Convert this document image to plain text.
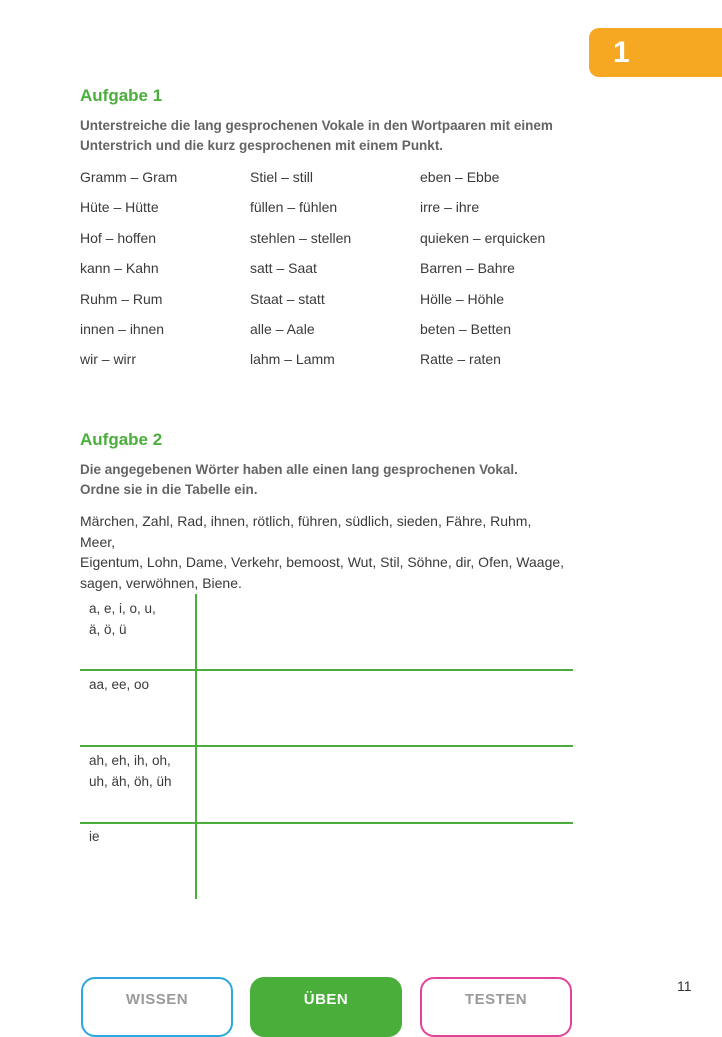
1
Aufgabe 1
Unterstreiche die lang gesprochenen Vokale in den Wortpaaren mit einem
Unterstrich und die kurz gesprochenen mit einem Punkt.
Gramm – Gram	Stiel – still	eben – Ebbe
Hüte – Hütte	füllen – fühlen	irre – ihre
Hof – hoffen	stehlen – stellen	quieken – erquicken
kann – Kahn	satt – Saat	Barren – Bahre
Ruhm – Rum	Staat – statt	Hölle – Höhle
innen – ihnen	alle – Aale	beten – Betten
wir – wirr	lahm – Lamm	Ratte – raten
Aufgabe 2
Die angegebenen Wörter haben alle einen lang gesprochenen Vokal.
Ordne sie in die Tabelle ein.
Märchen, Zahl, Rad, ihnen, rötlich, führen, südlich, sieden, Fähre, Ruhm, Meer,
Eigentum, Lohn, Dame, Verkehr, bemoost, Wut, Stil, Söhne, dir, Ofen, Waage,
sagen, verwöhnen, Biene.
a, e, i, o, u,
ä, ö, ü
aa, ee, oo
ah, eh, ih, oh,
uh, äh, öh, üh
ie
WISSEN	ÜBEN	TESTEN
11
